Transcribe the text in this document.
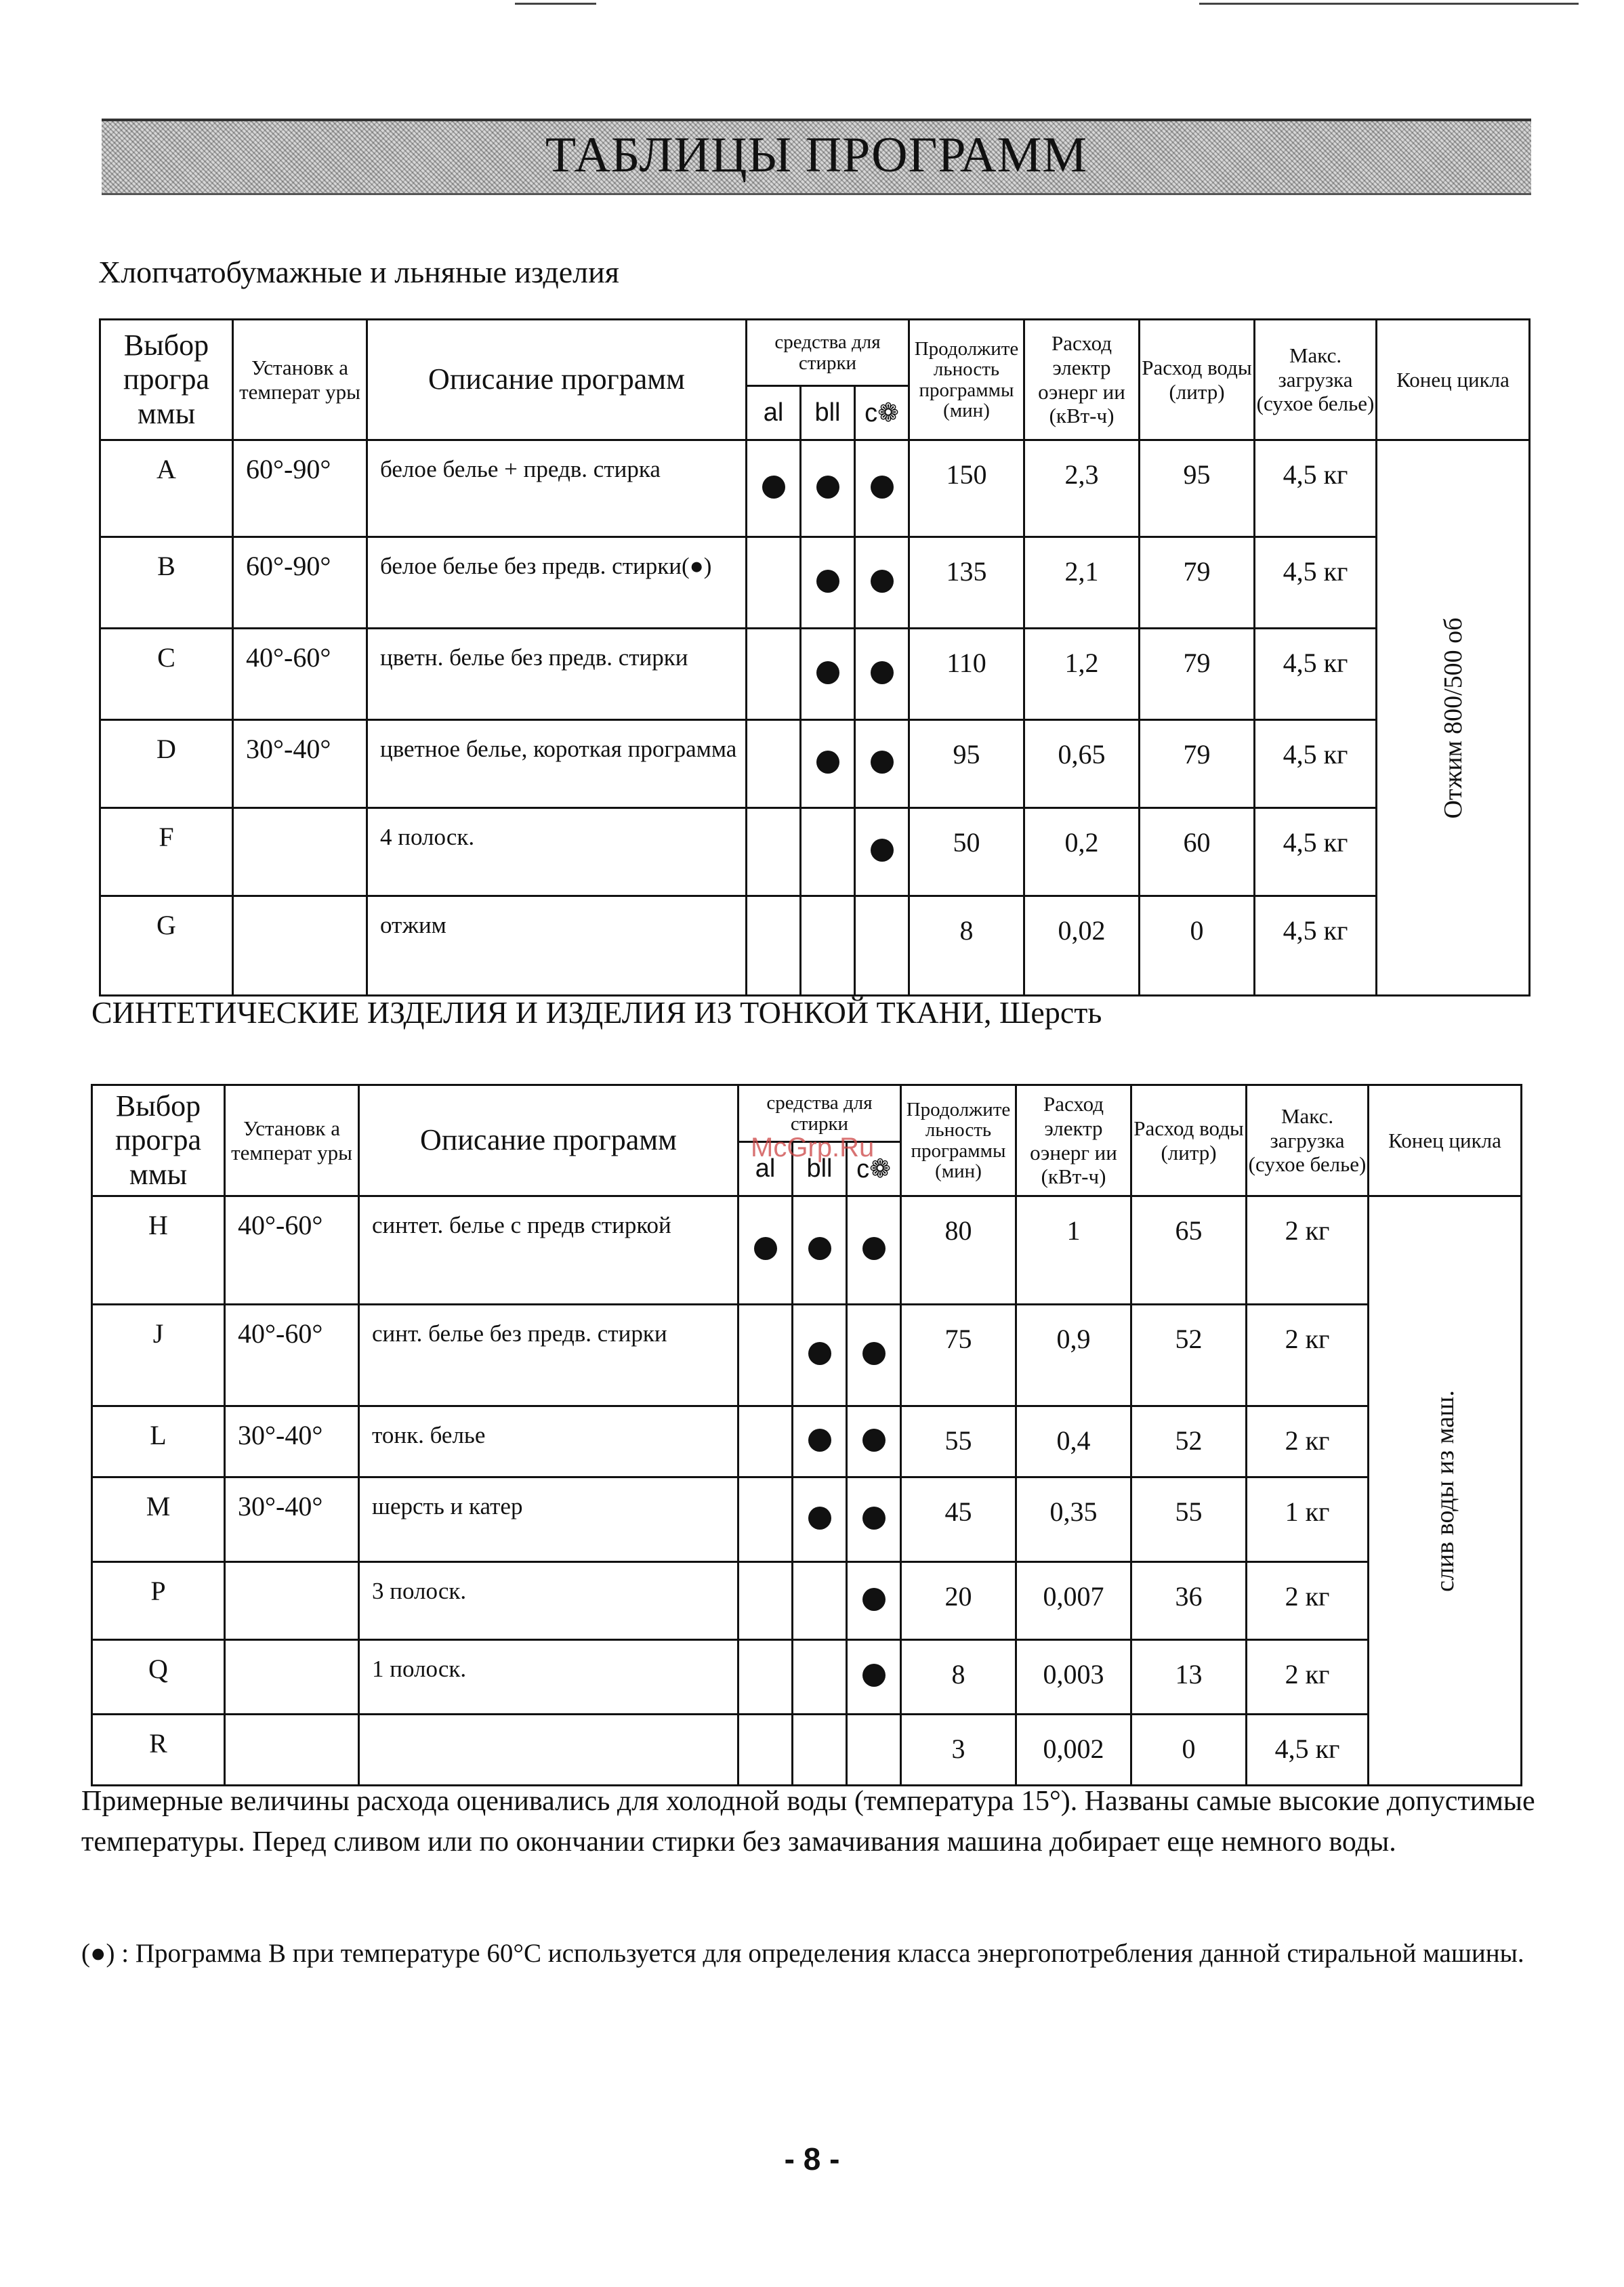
ТАБЛИЦЫ ПРОГРАММ
Хлопчатобумажные и льняные изделия
Выбор прогpа ммы	Установк а температ уры	Описание программ	средства для стирки			Продолжите льность программы (мин)	Расход электр оэнерг ии (кВт-ч)	Расход воды (литр)	Макс. загрузка (сухое белье)	Конец цикла
			al	bll	c❁					
A	60°-90°	белое белье + предв. стирка				150	2,3	95	4,5 кг	Отжим 800/500 об

B	60°-90°	белое белье без предв. стирки(●)				135	2,1	79	4,5 кг	
C	40°-60°	цветн. белье без предв. стирки				110	1,2	79	4,5 кг	
D	30°-40°	цветное белье, короткая программа				95	0,65	79	4,5 кг	
F		4 полоск.				50	0,2	60	4,5 кг	
G		отжим				8	0,02	0	4,5 кг	
СИНТЕТИЧЕСКИЕ ИЗДЕЛИЯ И ИЗДЕЛИЯ ИЗ ТОНКОЙ ТКАНИ, Шерсть
Выбор прогpа ммы	Установк а температ уры	Описание программ	средства для стирки			Продолжите льность программы (мин)	Расход электр оэнерг ии (кВт-ч)	Расход воды (литр)	Макс. загрузка (сухое белье)	Конец цикла
			al	bll	c❁					
H	40°-60°	синтет. белье с предв стиркой				80	1	65	2 кг	слив воды из маш.

J	40°-60°	синт. белье без предв. стирки				75	0,9	52	2 кг	
L	30°-40°	тонк. белье				55	0,4	52	2 кг	
M	30°-40°	шерсть и катер				45	0,35	55	1 кг	
P		3 полоск.				20	0,007	36	2 кг	
Q		1 полоск.				8	0,003	13	2 кг	
R						3	0,002	0	4,5 кг	
McGrp.Ru
Примерные величины расхода оценивались для холодной воды (температура 15°). Названы самые высокие допустимые температуры. Перед сливом или по окончании стирки без замачивания машина добирает еще немного воды.
(●) : Программа В при температуре 60°С используется для определения класса энергопотребления данной стиральной машины.
- 8 -
